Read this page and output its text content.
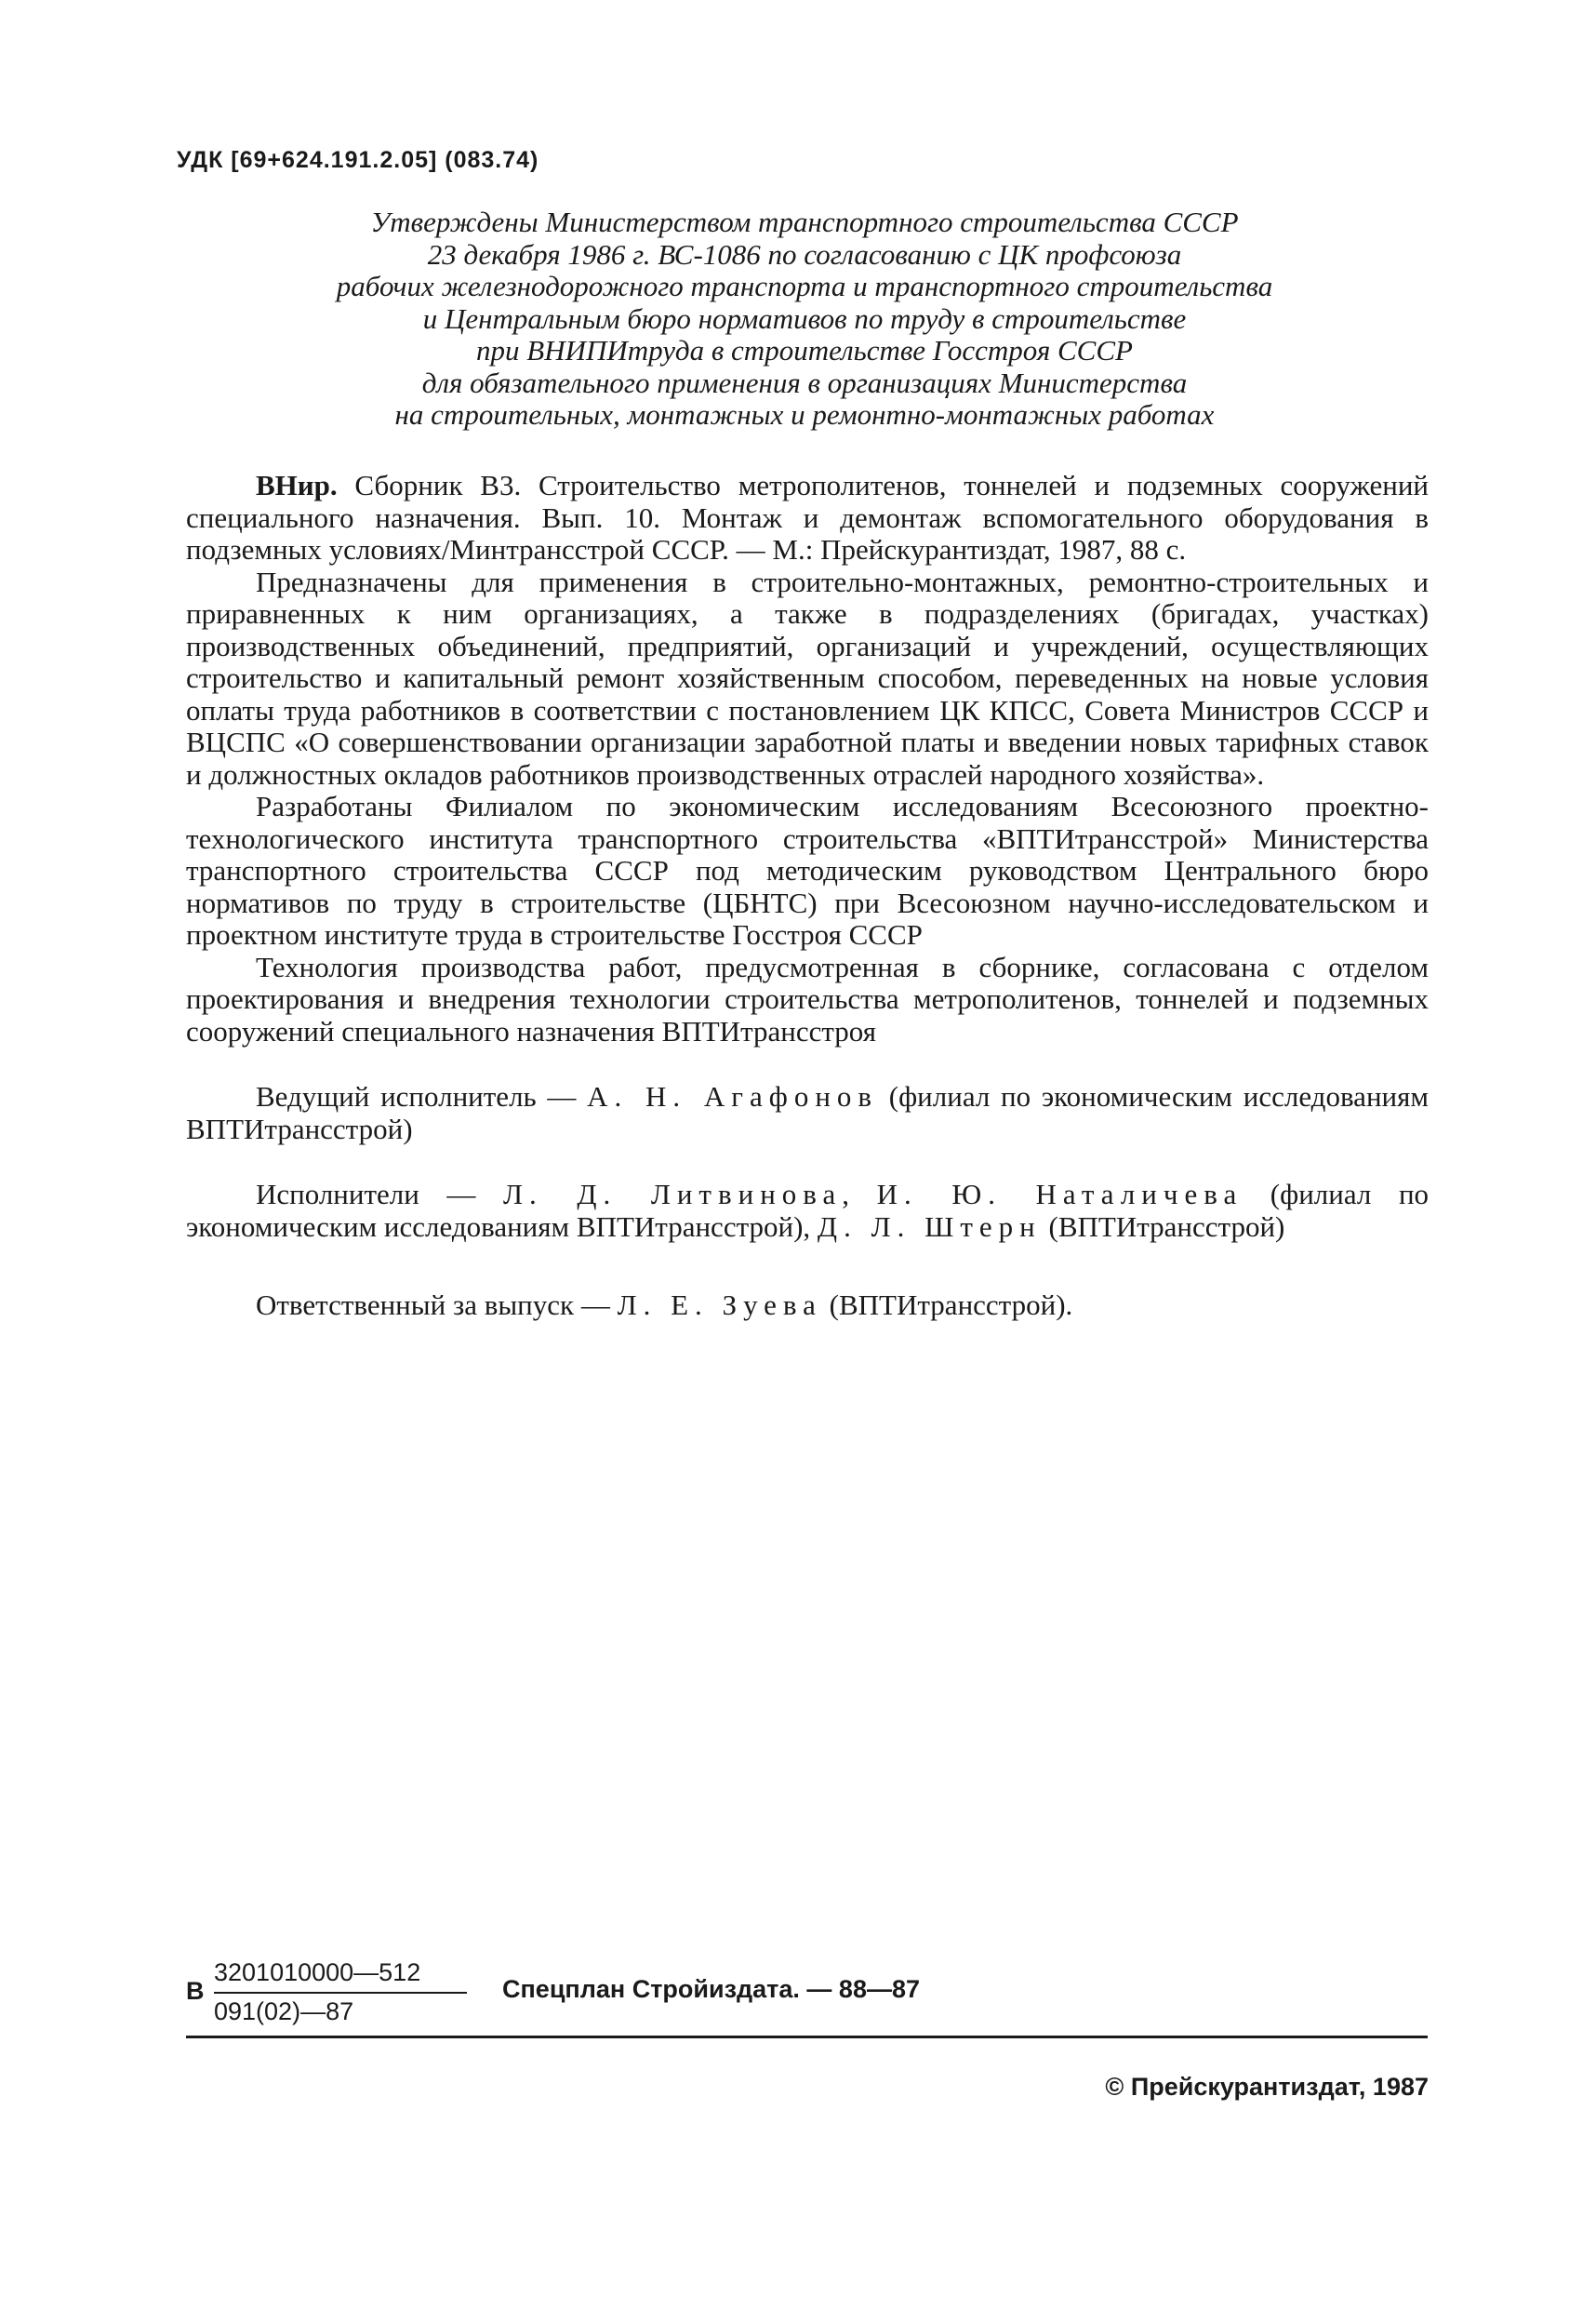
УДК [69+624.191.2.05] (083.74)
Утверждены Министерством транспортного строительства СССР
23 декабря 1986 г. ВС-1086 по согласованию с ЦК профсоюза
рабочих железнодорожного транспорта и транспортного строительства
и Центральным бюро нормативов по труду в строительстве
при ВНИПИтруда в строительстве Госстроя СССР
для обязательного применения в организациях Министерства
на строительных, монтажных и ремонтно-монтажных работах

ВНир. Сборник В3. Строительство метрополитенов, тоннелей и подземных сооружений специального назначения. Вып. 10. Монтаж и демонтаж вспомогательного оборудования в подземных условиях/Минтрансстрой СССР. — М.: Прейскурантиздат, 1987, 88 с.

Предназначены для применения в строительно-монтажных, ремонтно-строительных и приравненных к ним организациях, а также в подразделениях (бригадах, участках) производственных объединений, предприятий, организаций и учреждений, осуществляющих строительство и капитальный ремонт хозяйственным способом, переведенных на новые условия оплаты труда работников в соответствии с постановлением ЦК КПСС, Совета Министров СССР и ВЦСПС «О совершенствовании организации заработной платы и введении новых тарифных ставок и должностных окладов работников производственных отраслей народного хозяйства».

Разработаны Филиалом по экономическим исследованиям Всесоюзного проектно-технологического института транспортного строительства «ВПТИтрансстрой» Министерства транспортного строительства СССР под методическим руководством Центрального бюро нормативов по труду в строительстве (ЦБНТС) при Всесоюзном научно-исследовательском и проектном институте труда в строительстве Госстроя СССР

Технология производства работ, предусмотренная в сборнике, согласована с отделом проектирования и внедрения технологии строительства метрополитенов, тоннелей и подземных сооружений специального назначения ВПТИтрансстроя

Ведущий исполнитель — А. Н. Агафонов (филиал по экономическим исследованиям ВПТИтрансстрой)

Исполнители — Л. Д. Литвинова, И. Ю. Наталичева (филиал по экономическим исследованиям ВПТИтрансстрой), Д. Л. Штерн (ВПТИтрансстрой)

Ответственный за выпуск — Л. Е. Зуева (ВПТИтрансстрой).

В
3201010000—512
091(02)—87
Спецплан Стройиздата. — 88—87
© Прейскурантиздат, 1987
